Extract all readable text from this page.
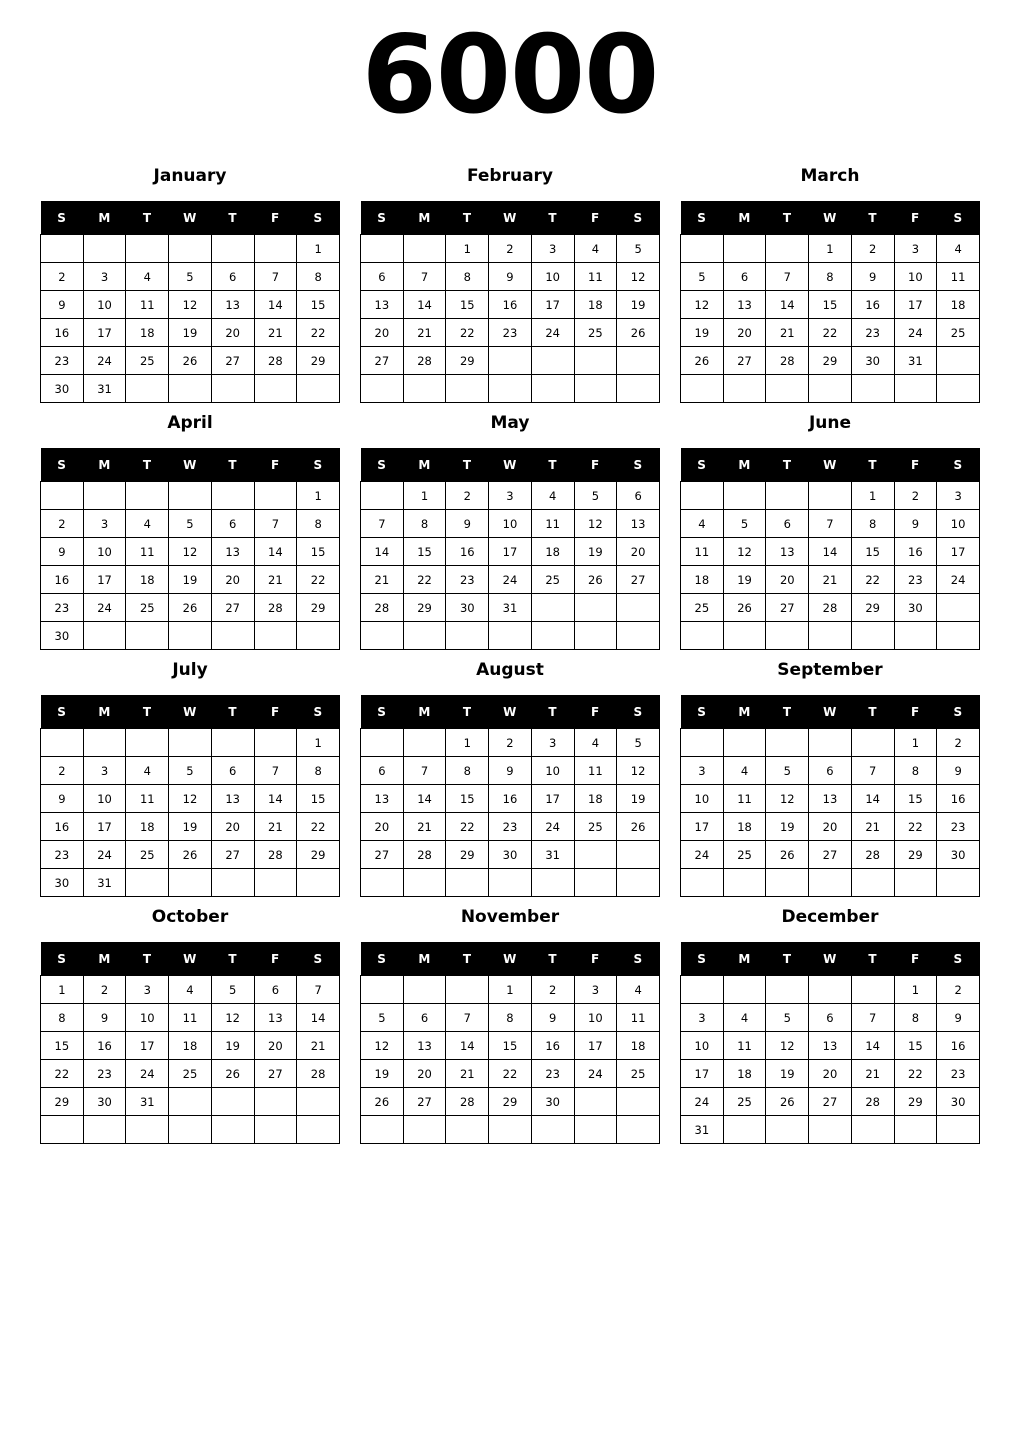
6000
January
S	M	T	W	T	F	S
						1
2	3	4	5	6	7	8
9	10	11	12	13	14	15
16	17	18	19	20	21	22
23	24	25	26	27	28	29
30	31					
February
S	M	T	W	T	F	S
		1	2	3	4	5
6	7	8	9	10	11	12
13	14	15	16	17	18	19
20	21	22	23	24	25	26
27	28	29				

March
S	M	T	W	T	F	S
			1	2	3	4
5	6	7	8	9	10	11
12	13	14	15	16	17	18
19	20	21	22	23	24	25
26	27	28	29	30	31	

April
S	M	T	W	T	F	S
						1
2	3	4	5	6	7	8
9	10	11	12	13	14	15
16	17	18	19	20	21	22
23	24	25	26	27	28	29
30						
May
S	M	T	W	T	F	S
	1	2	3	4	5	6
7	8	9	10	11	12	13
14	15	16	17	18	19	20
21	22	23	24	25	26	27
28	29	30	31			

June
S	M	T	W	T	F	S
				1	2	3
4	5	6	7	8	9	10
11	12	13	14	15	16	17
18	19	20	21	22	23	24
25	26	27	28	29	30	

July
S	M	T	W	T	F	S
						1
2	3	4	5	6	7	8
9	10	11	12	13	14	15
16	17	18	19	20	21	22
23	24	25	26	27	28	29
30	31					
August
S	M	T	W	T	F	S
		1	2	3	4	5
6	7	8	9	10	11	12
13	14	15	16	17	18	19
20	21	22	23	24	25	26
27	28	29	30	31		

September
S	M	T	W	T	F	S
					1	2
3	4	5	6	7	8	9
10	11	12	13	14	15	16
17	18	19	20	21	22	23
24	25	26	27	28	29	30

October
S	M	T	W	T	F	S
1	2	3	4	5	6	7
8	9	10	11	12	13	14
15	16	17	18	19	20	21
22	23	24	25	26	27	28
29	30	31				

November
S	M	T	W	T	F	S
			1	2	3	4
5	6	7	8	9	10	11
12	13	14	15	16	17	18
19	20	21	22	23	24	25
26	27	28	29	30		

December
S	M	T	W	T	F	S
					1	2
3	4	5	6	7	8	9
10	11	12	13	14	15	16
17	18	19	20	21	22	23
24	25	26	27	28	29	30
31						
